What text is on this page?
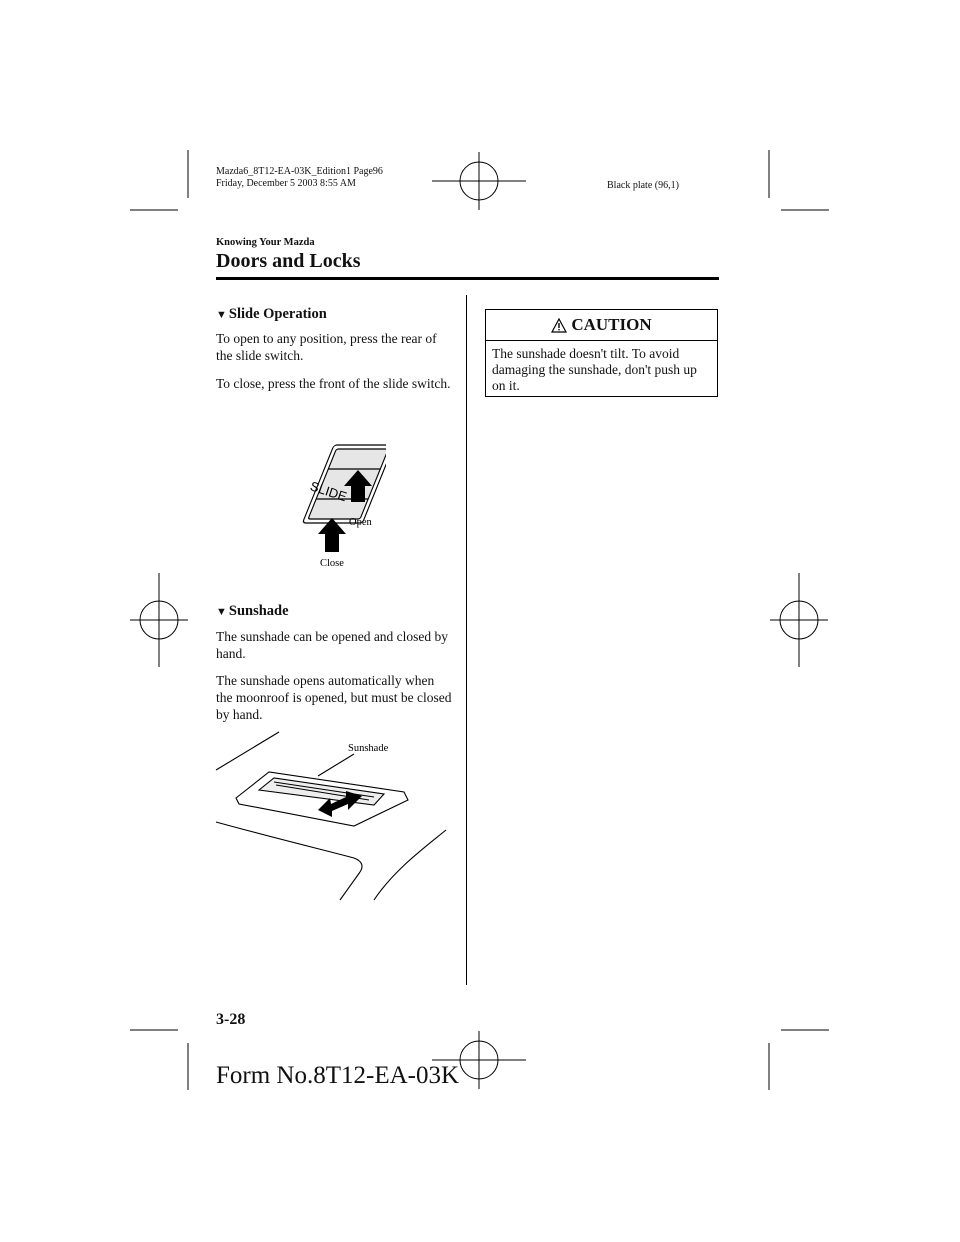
Mazda6_8T12-EA-03K_Edition1 Page96
Friday, December 5 2003 8:55 AM	Black plate (96,1)
Knowing Your Mazda
Doors and Locks
▼ Slide Operation
To open to any position, press the rear of the slide switch.
To close, press the front of the slide switch.
SLIDE
Open
Close
▼ Sunshade
The sunshade can be opened and closed by hand.
The sunshade opens automatically when the moonroof is opened, but must be closed by hand.
Sunshade
CAUTION
The sunshade doesn't tilt. To avoid damaging the sunshade, don't push up on it.
3-28
Form No.8T12-EA-03K
